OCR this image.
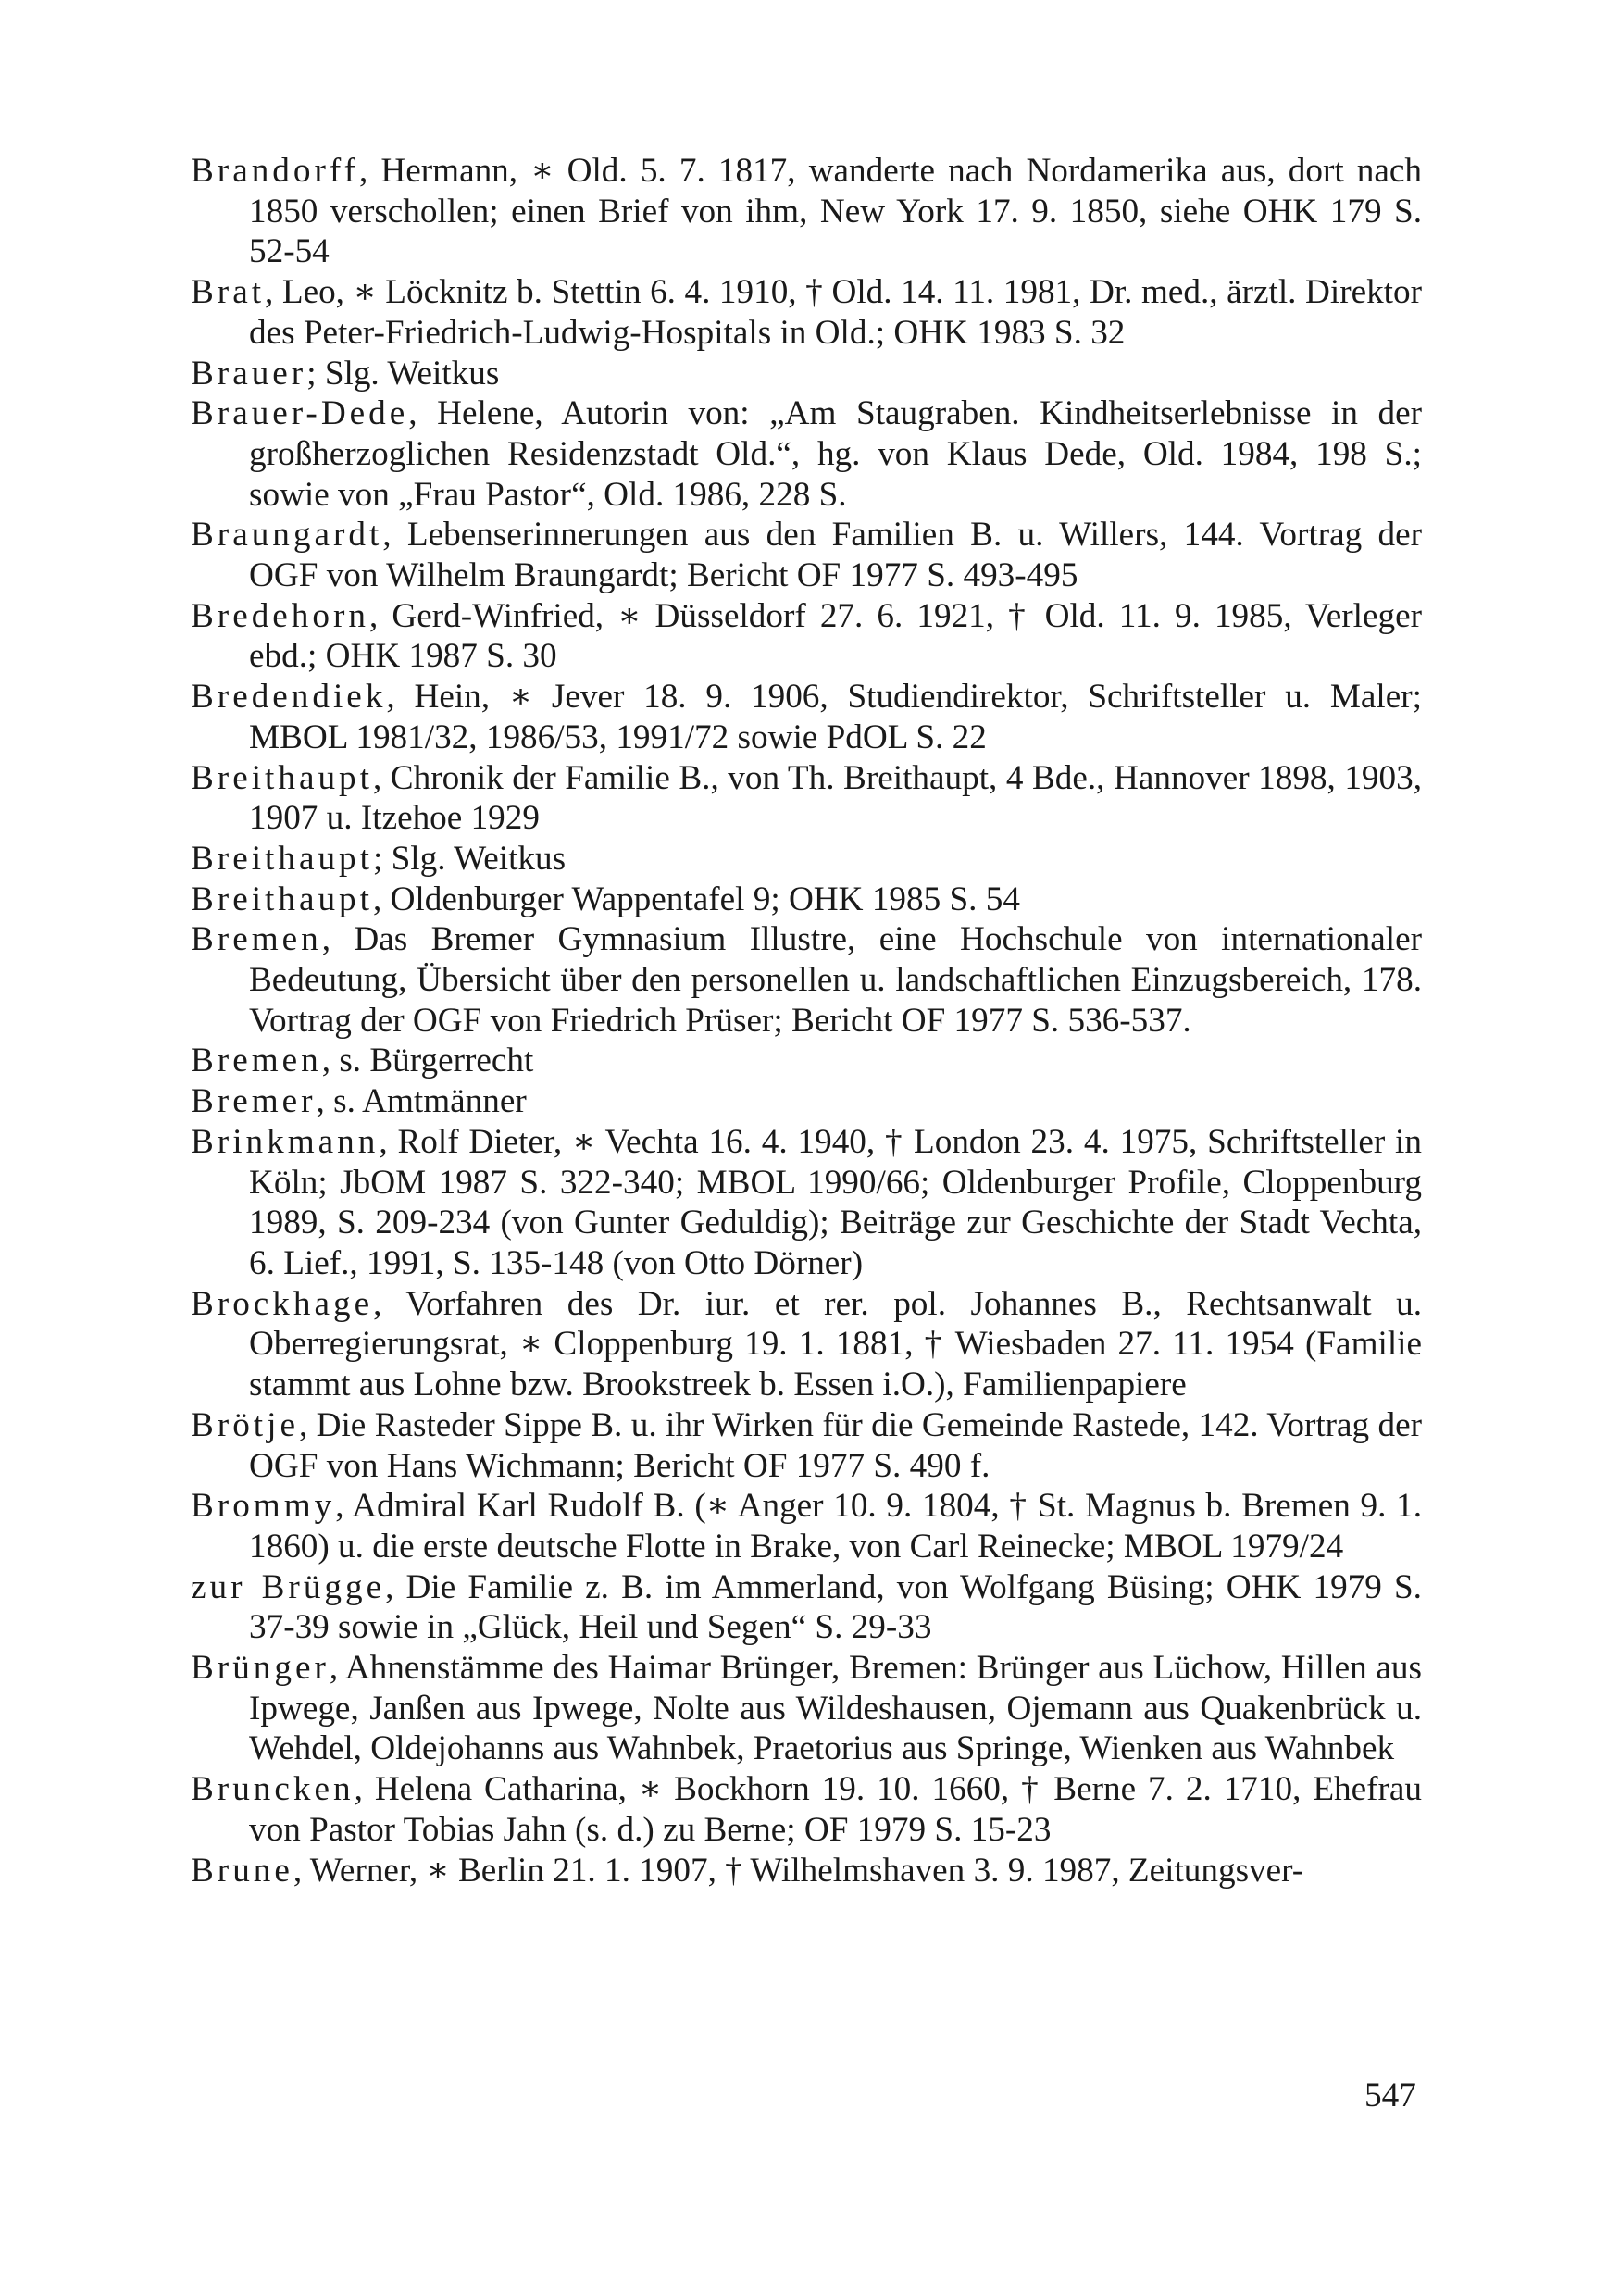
Brandorff, Hermann, ∗ Old. 5. 7. 1817, wanderte nach Nordamerika aus, dort nach 1850 verschollen; einen Brief von ihm, New York 17. 9. 1850, siehe OHK 179 S. 52-54

Brat, Leo, ∗ Löcknitz b. Stettin 6. 4. 1910, † Old. 14. 11. 1981, Dr. med., ärztl. Direktor des Peter-Friedrich-Ludwig-Hospitals in Old.; OHK 1983 S. 32

Brauer; Slg. Weitkus

Brauer-Dede, Helene, Autorin von: „Am Staugraben. Kindheitserlebnisse in der großherzoglichen Residenzstadt Old.“, hg. von Klaus Dede, Old. 1984, 198 S.; sowie von „Frau Pastor“, Old. 1986, 228 S.

Braungardt, Lebenserinnerungen aus den Familien B. u. Willers, 144. Vortrag der OGF von Wilhelm Braungardt; Bericht OF 1977 S. 493-495

Bredehorn, Gerd-Winfried, ∗ Düsseldorf 27. 6. 1921, † Old. 11. 9. 1985, Verleger ebd.; OHK 1987 S. 30

Bredendiek, Hein, ∗ Jever 18. 9. 1906, Studiendirektor, Schriftsteller u. Maler; MBOL 1981/32, 1986/53, 1991/72 sowie PdOL S. 22

Breithaupt, Chronik der Familie B., von Th. Breithaupt, 4 Bde., Hannover 1898, 1903, 1907 u. Itzehoe 1929

Breithaupt; Slg. Weitkus

Breithaupt, Oldenburger Wappentafel 9; OHK 1985 S. 54

Bremen, Das Bremer Gymnasium Illustre, eine Hochschule von internationaler Bedeutung, Übersicht über den personellen u. landschaftlichen Einzugsbereich, 178. Vortrag der OGF von Friedrich Prüser; Bericht OF 1977 S. 536-537.

Bremen, s. Bürgerrecht

Bremer, s. Amtmänner

Brinkmann, Rolf Dieter, ∗ Vechta 16. 4. 1940, † London 23. 4. 1975, Schriftsteller in Köln; JbOM 1987 S. 322-340; MBOL 1990/66; Oldenburger Profile, Cloppenburg 1989, S. 209-234 (von Gunter Geduldig); Beiträge zur Geschichte der Stadt Vechta, 6. Lief., 1991, S. 135-148 (von Otto Dörner)

Brockhage, Vorfahren des Dr. iur. et rer. pol. Johannes B., Rechtsanwalt u. Oberregierungsrat, ∗ Cloppenburg 19. 1. 1881, † Wiesbaden 27. 11. 1954 (Familie stammt aus Lohne bzw. Brookstreek b. Essen i.O.), Familienpapiere

Brötje, Die Rasteder Sippe B. u. ihr Wirken für die Gemeinde Rastede, 142. Vortrag der OGF von Hans Wichmann; Bericht OF 1977 S. 490 f.

Brommy, Admiral Karl Rudolf B. (∗ Anger 10. 9. 1804, † St. Magnus b. Bremen 9. 1. 1860) u. die erste deutsche Flotte in Brake, von Carl Reinecke; MBOL 1979/24

zur Brügge, Die Familie z. B. im Ammerland, von Wolfgang Büsing; OHK 1979 S. 37-39 sowie in „Glück, Heil und Segen“ S. 29-33

Brünger, Ahnenstämme des Haimar Brünger, Bremen: Brünger aus Lüchow, Hillen aus Ipwege, Janßen aus Ipwege, Nolte aus Wildeshausen, Ojemann aus Quakenbrück u. Wehdel, Oldejohanns aus Wahnbek, Praetorius aus Springe, Wienken aus Wahnbek

Bruncken, Helena Catharina, ∗ Bockhorn 19. 10. 1660, † Berne 7. 2. 1710, Ehefrau von Pastor Tobias Jahn (s. d.) zu Berne; OF 1979 S. 15-23

Brune, Werner, ∗ Berlin 21. 1. 1907, † Wilhelmshaven 3. 9. 1987, Zeitungsver-

547
